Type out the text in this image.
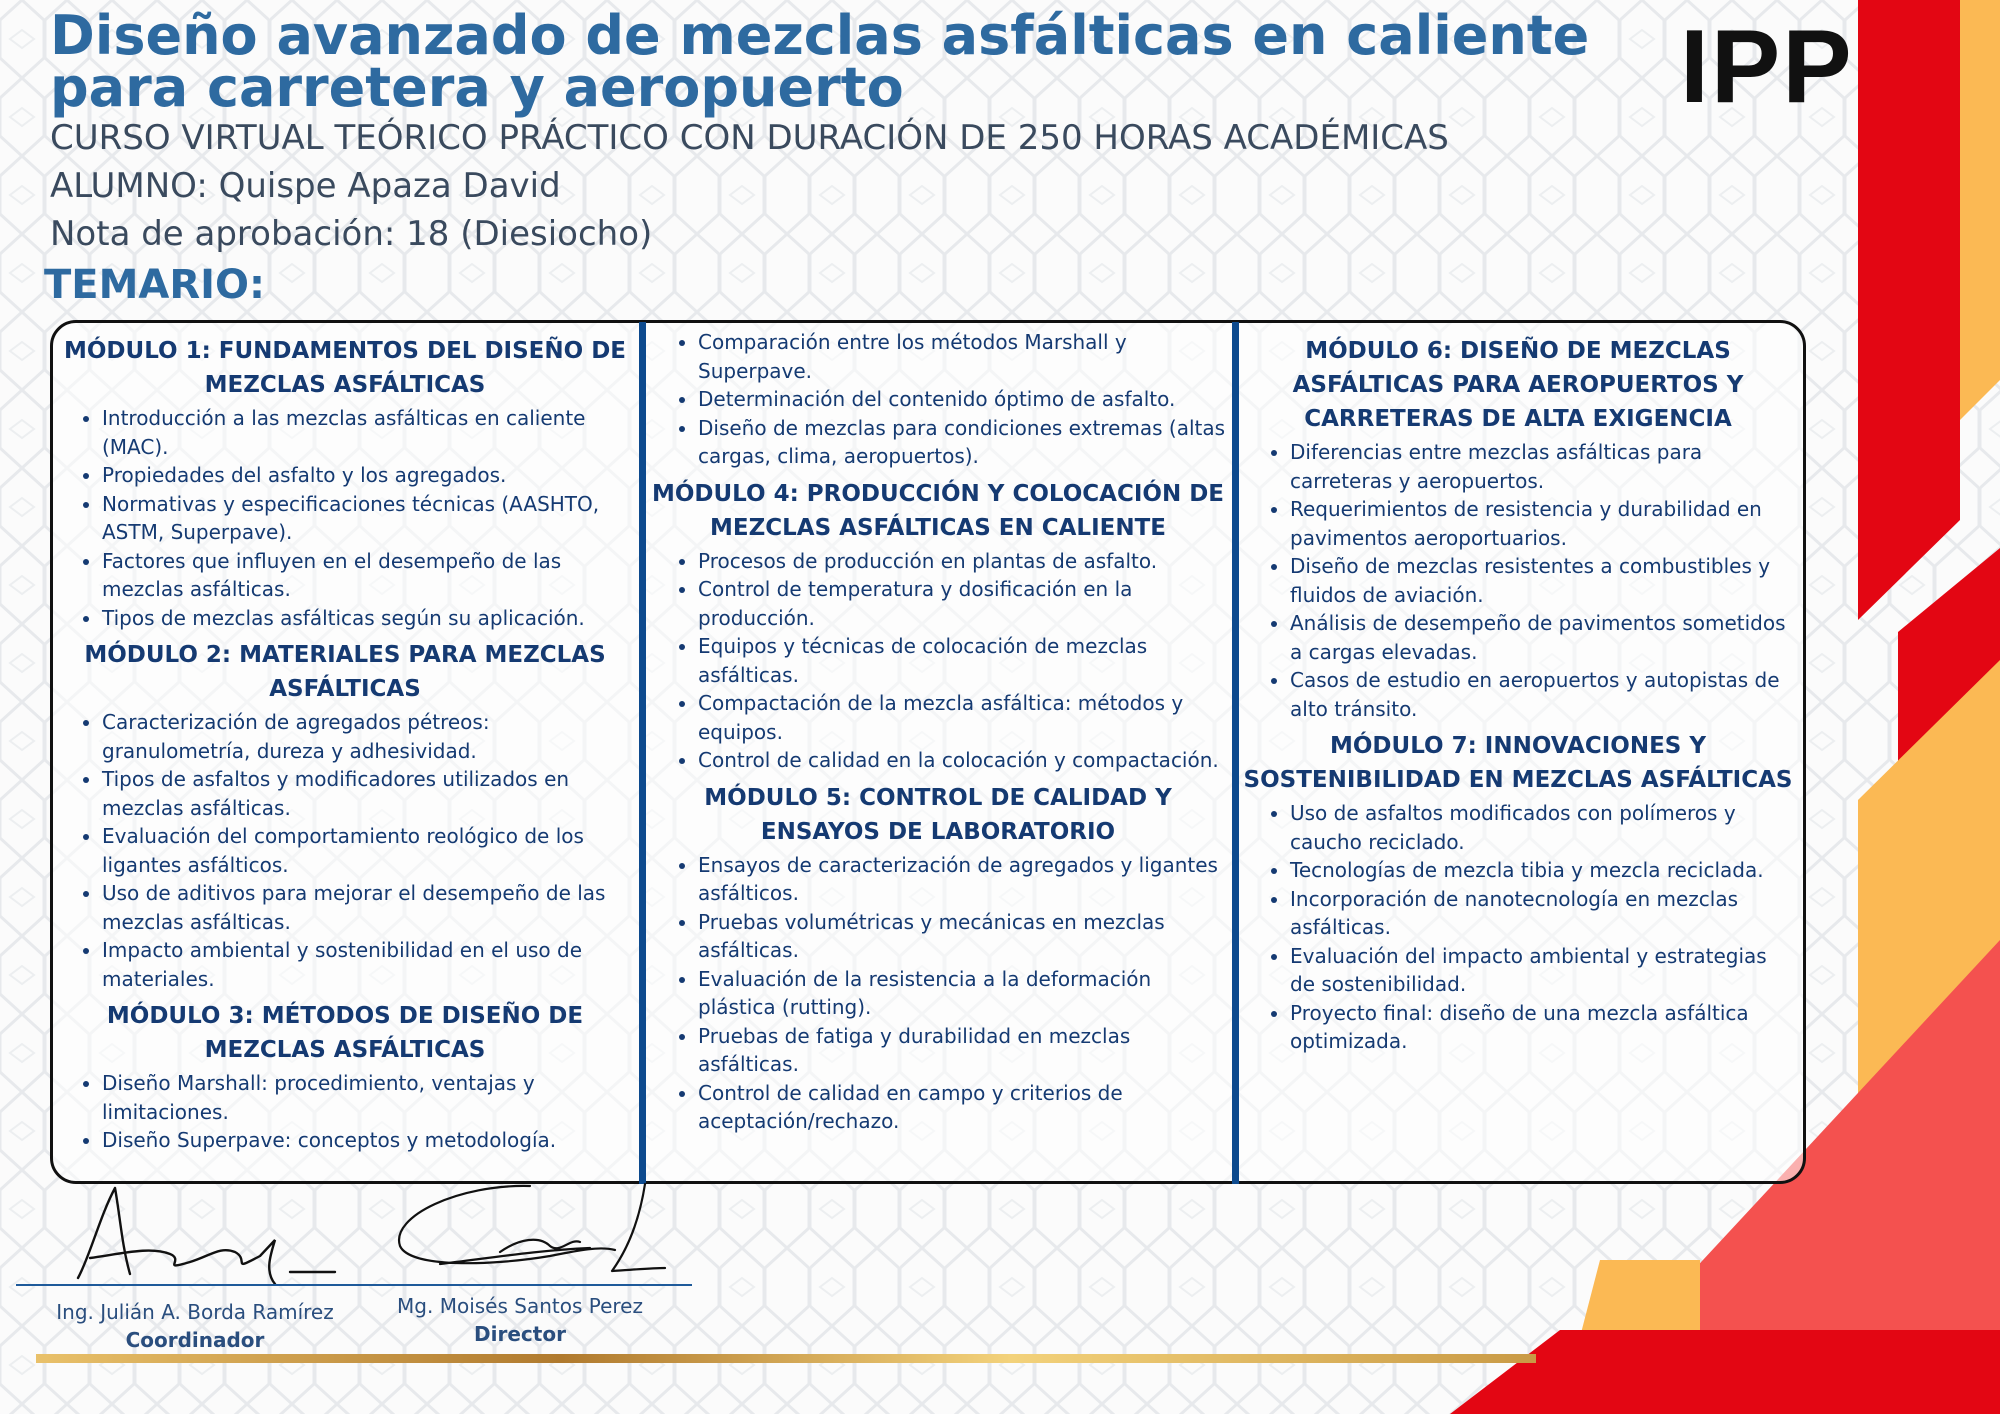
Diseño avanzado de mezclas asfálticas en caliente para carretera y aeropuerto	IPP
CURSO VIRTUAL TEÓRICO PRÁCTICO CON DURACIÓN DE 250 HORAS ACADÉMICAS
ALUMNO: Quispe Apaza David
Nota de aprobación: 18 (Diesiocho)
TEMARIO:
MÓDULO 1: FUNDAMENTOS DEL DISEÑO DE MEZCLAS ASFÁLTICAS
• Introducción a las mezclas asfálticas en caliente (MAC).
• Propiedades del asfalto y los agregados.
• Normativas y especificaciones técnicas (AASHTO, ASTM, Superpave).
• Factores que influyen en el desempeño de las mezclas asfálticas.
• Tipos de mezclas asfálticas según su aplicación.
MÓDULO 2: MATERIALES PARA MEZCLAS ASFÁLTICAS
• Caracterización de agregados pétreos: granulometría, dureza y adhesividad.
• Tipos de asfaltos y modificadores utilizados en mezclas asfálticas.
• Evaluación del comportamiento reológico de los ligantes asfálticos.
• Uso de aditivos para mejorar el desempeño de las mezclas asfálticas.
• Impacto ambiental y sostenibilidad en el uso de materiales.
MÓDULO 3: MÉTODOS DE DISEÑO DE MEZCLAS ASFÁLTICAS
• Diseño Marshall: procedimiento, ventajas y limitaciones.
• Diseño Superpave: conceptos y metodología.
• Comparación entre los métodos Marshall y Superpave.
• Determinación del contenido óptimo de asfalto.
• Diseño de mezclas para condiciones extremas (altas cargas, clima, aeropuertos).
MÓDULO 4: PRODUCCIÓN Y COLOCACIÓN DE MEZCLAS ASFÁLTICAS EN CALIENTE
• Procesos de producción en plantas de asfalto.
• Control de temperatura y dosificación en la producción.
• Equipos y técnicas de colocación de mezclas asfálticas.
• Compactación de la mezcla asfáltica: métodos y equipos.
• Control de calidad en la colocación y compactación.
MÓDULO 5: CONTROL DE CALIDAD Y ENSAYOS DE LABORATORIO
• Ensayos de caracterización de agregados y ligantes asfálticos.
• Pruebas volumétricas y mecánicas en mezclas asfálticas.
• Evaluación de la resistencia a la deformación plástica (rutting).
• Pruebas de fatiga y durabilidad en mezclas asfálticas.
• Control de calidad en campo y criterios de aceptación/rechazo.
MÓDULO 6: DISEÑO DE MEZCLAS ASFÁLTICAS PARA AEROPUERTOS Y CARRETERAS DE ALTA EXIGENCIA
• Diferencias entre mezclas asfálticas para carreteras y aeropuertos.
• Requerimientos de resistencia y durabilidad en pavimentos aeroportuarios.
• Diseño de mezclas resistentes a combustibles y fluidos de aviación.
• Análisis de desempeño de pavimentos sometidos a cargas elevadas.
• Casos de estudio en aeropuertos y autopistas de alto tránsito.
MÓDULO 7: INNOVACIONES Y SOSTENIBILIDAD EN MEZCLAS ASFÁLTICAS
• Uso de asfaltos modificados con polímeros y caucho reciclado.
• Tecnologías de mezcla tibia y mezcla reciclada.
• Incorporación de nanotecnología en mezclas asfálticas.
• Evaluación del impacto ambiental y estrategias de sostenibilidad.
• Proyecto final: diseño de una mezcla asfáltica optimizada.
Ing. Julián A. Borda Ramírez
Coordinador
Mg. Moisés Santos Perez
Director
